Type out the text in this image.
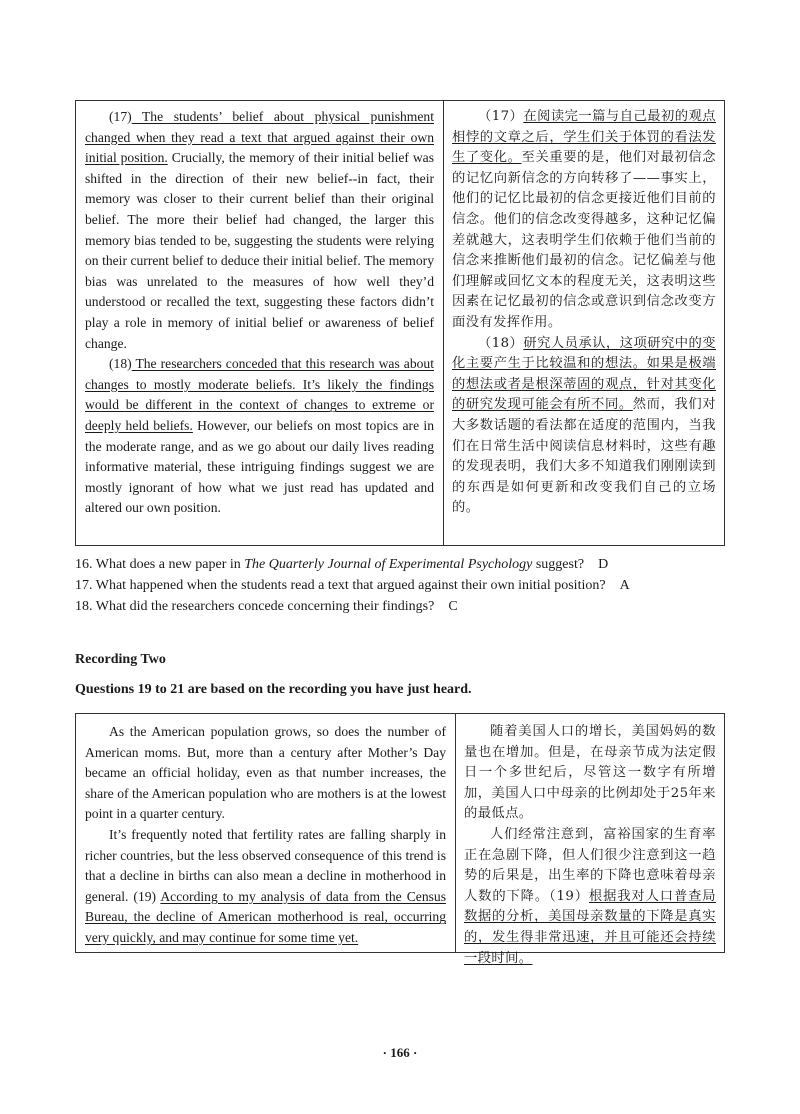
(17) The students’ belief about physical punishment changed when they read a text that argued against their own initial position. Crucially, the memory of their initial belief was shifted in the direction of their new belief--in fact, their memory was closer to their current belief than their original belief. The more their belief had changed, the larger this memory bias tended to be, suggesting the students were relying on their current belief to deduce their initial belief. The memory bias was unrelated to the measures of how well they’d understood or recalled the text, suggesting these factors didn’t play a role in memory of initial belief or awareness of belief change.

(18) The researchers conceded that this research was about changes to mostly moderate beliefs. It’s likely the findings would be different in the context of changes to extreme or deeply held beliefs. However, our beliefs on most topics are in the moderate range, and as we go about our daily lives reading informative material, these intriguing findings suggest we are mostly ignorant of how what we just read has updated and altered our own position.

（17）在阅读完一篇与自己最初的观点相悖的文章之后，学生们关于体罚的看法发生了变化。至关重要的是，他们对最初信念的记忆向新信念的方向转移了——事实上，他们的记忆比最初的信念更接近他们目前的信念。他们的信念改变得越多，这种记忆偏差就越大，这表明学生们依赖于他们当前的信念来推断他们最初的信念。记忆偏差与他们理解或回忆文本的程度无关，这表明这些因素在记忆最初的信念或意识到信念改变方面没有发挥作用。

（18）研究人员承认，这项研究中的变化主要产生于比较温和的想法。如果是极端的想法或者是根深蒂固的观点，针对其变化的研究发现可能会有所不同。然而，我们对大多数话题的看法都在适度的范围内，当我们在日常生活中阅读信息材料时，这些有趣的发现表明，我们大多不知道我们刚刚读到的东西是如何更新和改变我们自己的立场的。

16. What does a new paper in The Quarterly Journal of Experimental Psychology suggest? D
17. What happened when the students read a text that argued against their own initial position? A
18. What did the researchers concede concerning their findings? C
Recording Two
Questions 19 to 21 are based on the recording you have just heard.

As the American population grows, so does the number of American moms. But, more than a century after Mother’s Day became an official holiday, even as that number increases, the share of the American population who are mothers is at the lowest point in a quarter century.

It’s frequently noted that fertility rates are falling sharply in richer countries, but the less observed consequence of this trend is that a decline in births can also mean a decline in motherhood in general. (19) According to my analysis of data from the Census Bureau, the decline of American motherhood is real, occurring very quickly, and may continue for some time yet.

随着美国人口的增长，美国妈妈的数量也在增加。但是，在母亲节成为法定假日一个多世纪后，尽管这一数字有所增加，美国人口中母亲的比例却处于25年来的最低点。

人们经常注意到，富裕国家的生育率正在急剧下降，但人们很少注意到这一趋势的后果是，出生率的下降也意味着母亲人数的下降。（19）根据我对人口普查局数据的分析，美国母亲数量的下降是真实的，发生得非常迅速，并且可能还会持续一段时间。

· 166 ·
